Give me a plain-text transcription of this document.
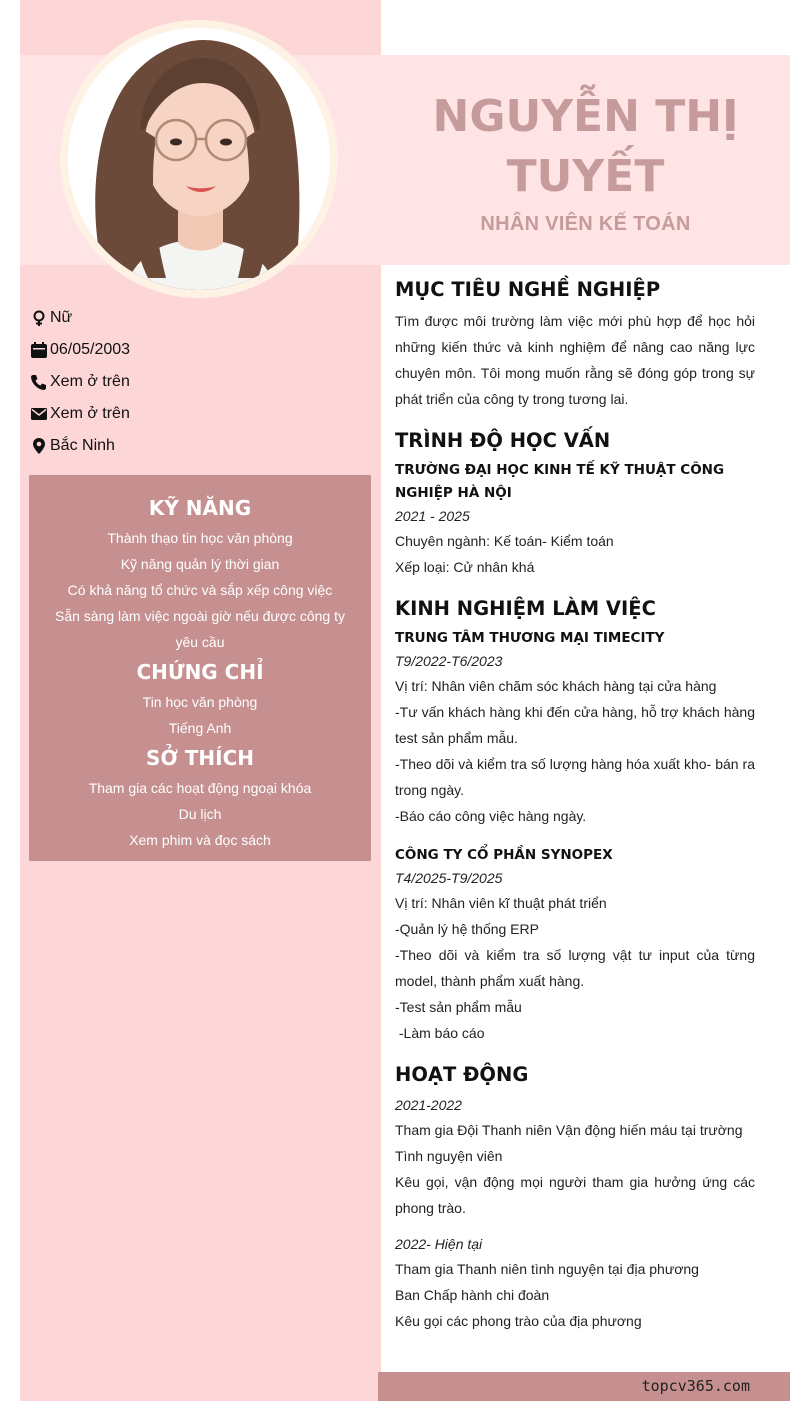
NGUYỄN THỊ
TUYẾT
NHÂN VIÊN KẾ TOÁN
Nữ
06/05/2003
Xem ở trên
Xem ở trên
Bắc Ninh
KỸ NĂNG
Thành thạo tin học văn phòng
Kỹ năng quản lý thời gian
Có khả năng tổ chức và sắp xếp công việc
Sẵn sàng làm việc ngoài giờ nếu được công ty yêu cầu
CHỨNG CHỈ
Tin học văn phòng
Tiếng Anh
SỞ THÍCH
Tham gia các hoạt động ngoại khóa
Du lịch
Xem phim và đọc sách
MỤC TIÊU NGHỀ NGHIỆP

Tìm được môi trường làm việc mới phù hợp để học hỏi những kiến thức và kinh nghiệm để nâng cao năng lực chuyên môn. Tôi mong muốn rằng sẽ đóng góp trong sự phát triển của công ty trong tương lai.

TRÌNH ĐỘ HỌC VẤN
TRƯỜNG ĐẠI HỌC KINH TẾ KỸ THUẬT CÔNG NGHIỆP HÀ NỘI
2021 - 2025
Chuyên ngành: Kế toán- Kiểm toán
Xếp loại: Cử nhân khá
KINH NGHIỆM LÀM VIỆC
TRUNG TÂM THƯƠNG MẠI TIMECITY
T9/2022-T6/2023
Vị trí: Nhân viên chăm sóc khách hàng tại cửa hàng
-Tư vấn khách hàng khi đến cửa hàng, hỗ trợ khách hàng test sản phẩm mẫu.
-Theo dõi và kiểm tra số lượng hàng hóa xuất kho- bán ra trong ngày.
-Báo cáo công việc hàng ngày.
CÔNG TY CỔ PHẦN SYNOPEX
T4/2025-T9/2025
Vị trí: Nhân viên kĩ thuật phát triển
-Quản lý hệ thống ERP
-Theo dõi và kiểm tra số lượng vật tư input của từng model, thành phẩm xuất hàng.
-Test sản phẩm mẫu
-Làm báo cáo
HOẠT ĐỘNG
2021-2022
Tham gia Đội Thanh niên Vận động hiến máu tại trường
Tình nguyện viên
Kêu gọi, vận động mọi người tham gia hưởng ứng các phong trào.
2022- Hiện tại
Tham gia Thanh niên tình nguyện tại địa phương
Ban Chấp hành chi đoàn
Kêu gọi các phong trào của địa phương
topcv365.com
